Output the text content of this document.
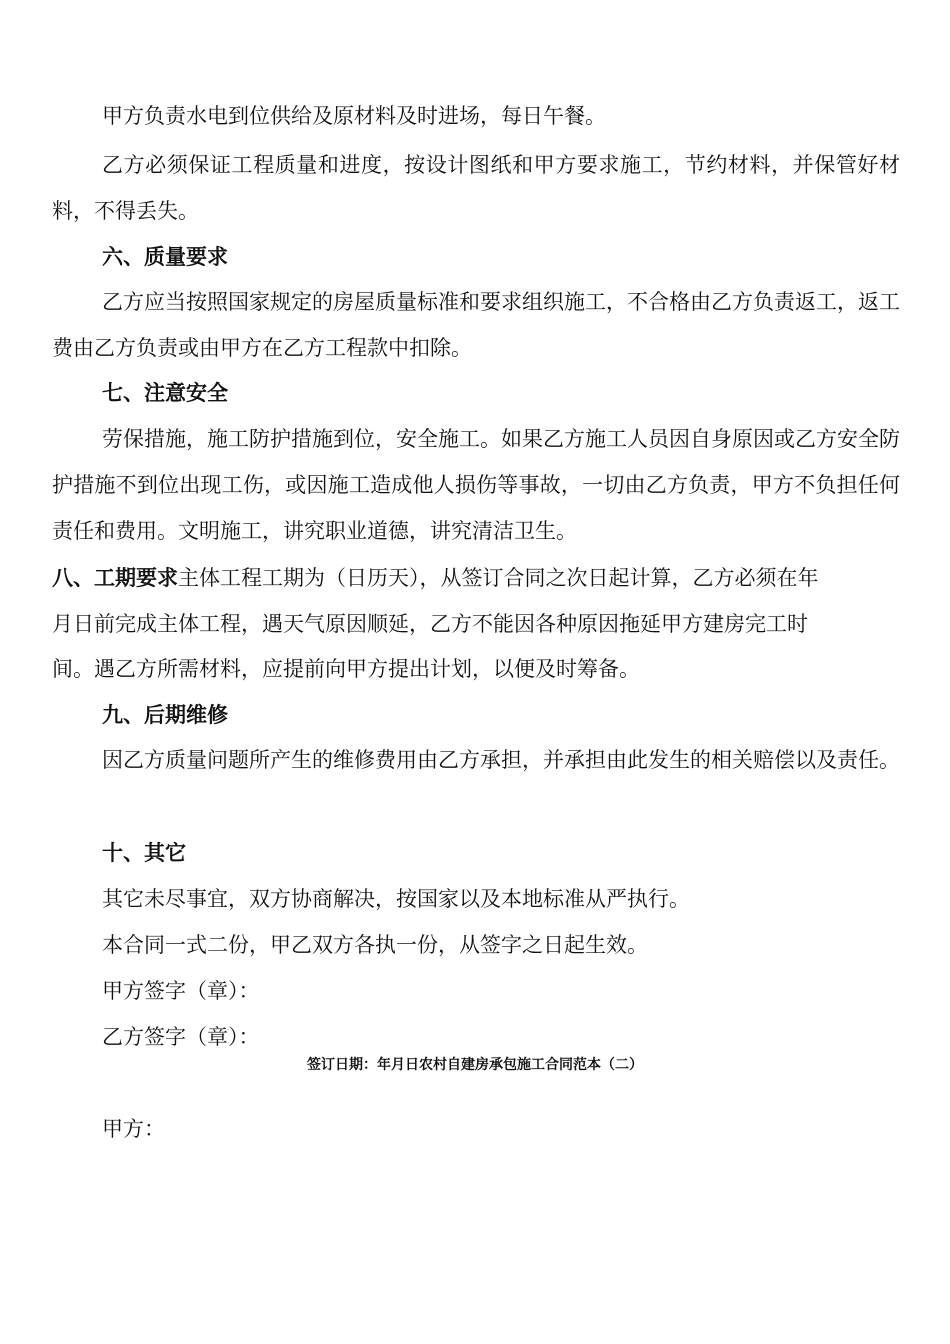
甲方负责水电到位供给及原材料及时进场，每日午餐。

乙方必须保证工程质量和进度，按设计图纸和甲方要求施工，节约材料，并保管好材料，不得丢失。

六、质量要求

乙方应当按照国家规定的房屋质量标准和要求组织施工，不合格由乙方负责返工，返工费由乙方负责或由甲方在乙方工程款中扣除。

七、注意安全

劳保措施，施工防护措施到位，安全施工。如果乙方施工人员因自身原因或乙方安全防护措施不到位出现工伤，或因施工造成他人损伤等事故，一切由乙方负责，甲方不负担任何责任和费用。文明施工，讲究职业道德，讲究清洁卫生。

八、工期要求主体工程工期为（日历天），从签订合同之次日起计算，乙方必须在年

月日前完成主体工程，遇天气原因顺延，乙方不能因各种原因拖延甲方建房完工时

间。遇乙方所需材料，应提前向甲方提出计划，以便及时筹备。

九、后期维修

因乙方质量问题所产生的维修费用由乙方承担，并承担由此发生的相关赔偿以及责任。

十、其它

其它未尽事宜，双方协商解决，按国家以及本地标准从严执行。

本合同一式二份，甲乙双方各执一份，从签字之日起生效。

甲方签字（章）：

乙方签字（章）：

签订日期：年月日农村自建房承包施工合同范本（二）

甲方：
